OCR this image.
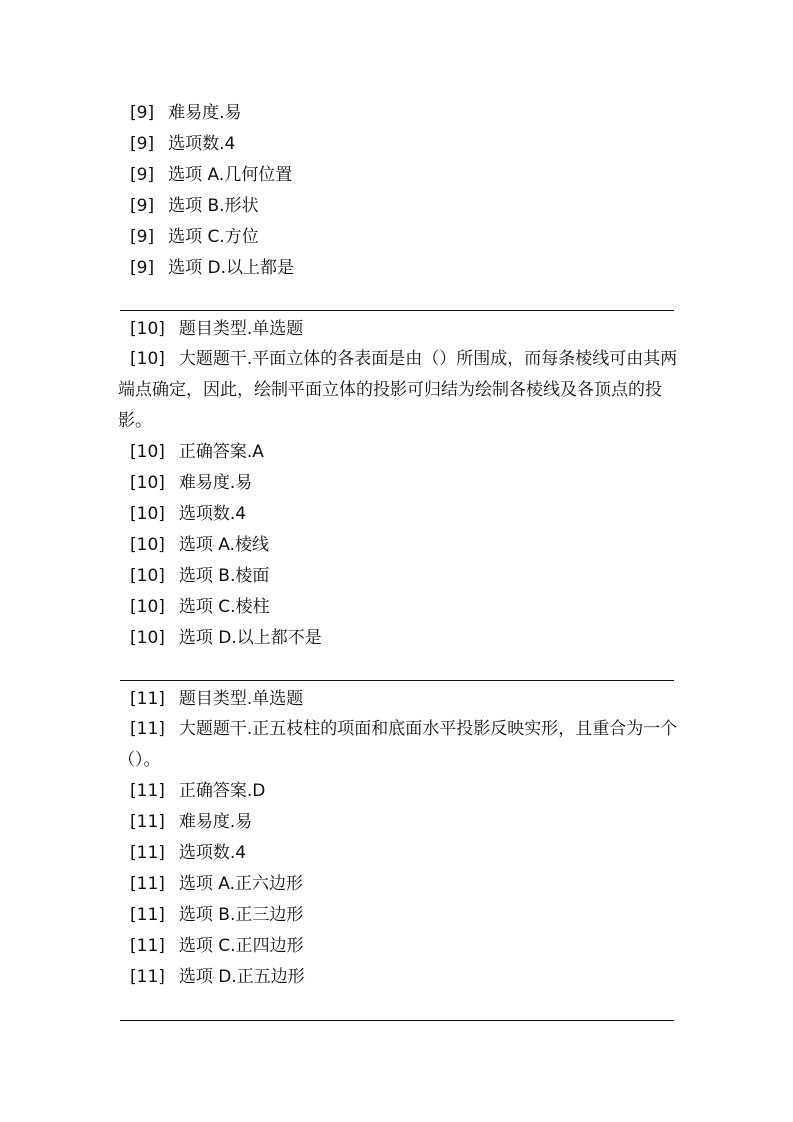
[9] 难易度.易
[9] 选项数.4
[9] 选项 A.几何位置
[9] 选项 B.形状
[9] 选项 C.方位
[9] 选项 D.以上都是
[10] 题目类型.单选题
[10] 大题题干.平面立体的各表面是由（）所围成，而每条棱线可由其两端点确定，因此，绘制平面立体的投影可归结为绘制各棱线及各顶点的投影。
[10] 正确答案.A
[10] 难易度.易
[10] 选项数.4
[10] 选项 A.棱线
[10] 选项 B.棱面
[10] 选项 C.棱柱
[10] 选项 D.以上都不是
[11] 题目类型.单选题
[11] 大题题干.正五枝柱的项面和底面水平投影反映实形，且重合为一个（）。
[11] 正确答案.D
[11] 难易度.易
[11] 选项数.4
[11] 选项 A.正六边形
[11] 选项 B.正三边形
[11] 选项 C.正四边形
[11] 选项 D.正五边形
